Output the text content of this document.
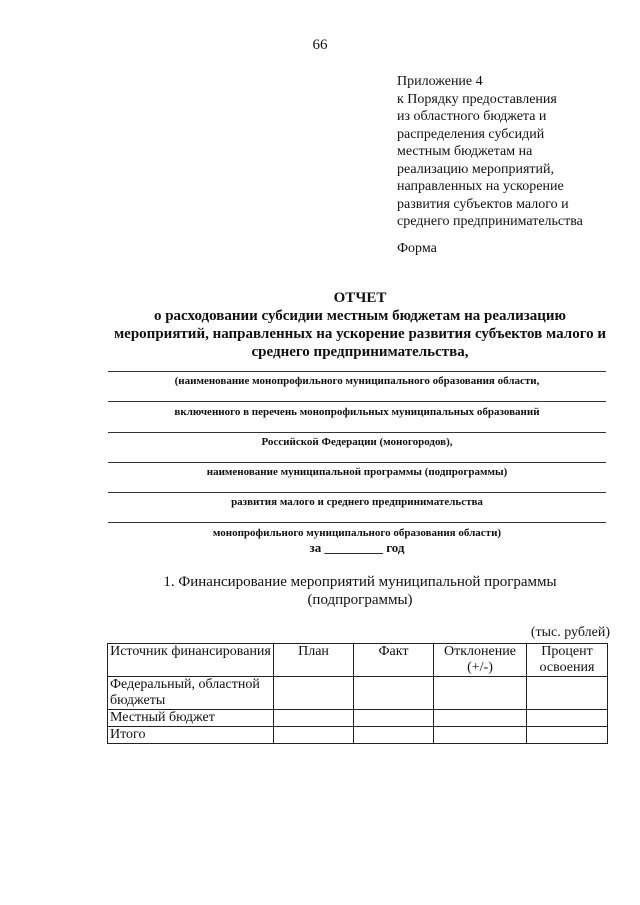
66
Приложение 4
к Порядку предоставления
из областного бюджета и
распределения субсидий
местным бюджетам на
реализацию мероприятий,
направленных на ускорение
развития субъектов малого и
среднего предпринимательства
Форма
ОТЧЕТ
о расходовании субсидии местным бюджетам на реализацию
мероприятий, направленных на ускорение развития субъектов малого и
среднего предпринимательства,
(наименование монопрофильного муниципального образования области,
включенного в перечень монопрофильных муниципальных образований
Российской Федерации (моногородов),
наименование муниципальной программы (подпрограммы)
развития малого и среднего предпринимательства
монопрофильного муниципального образования области)
за _________ год
1. Финансирование мероприятий муниципальной программы
(подпрограммы)
(тыс. рублей)
Источник финансирования	План	Факт	Отклонение (+/-)	Процент освоения
Федеральный, областной бюджеты				
Местный бюджет				
Итого				
